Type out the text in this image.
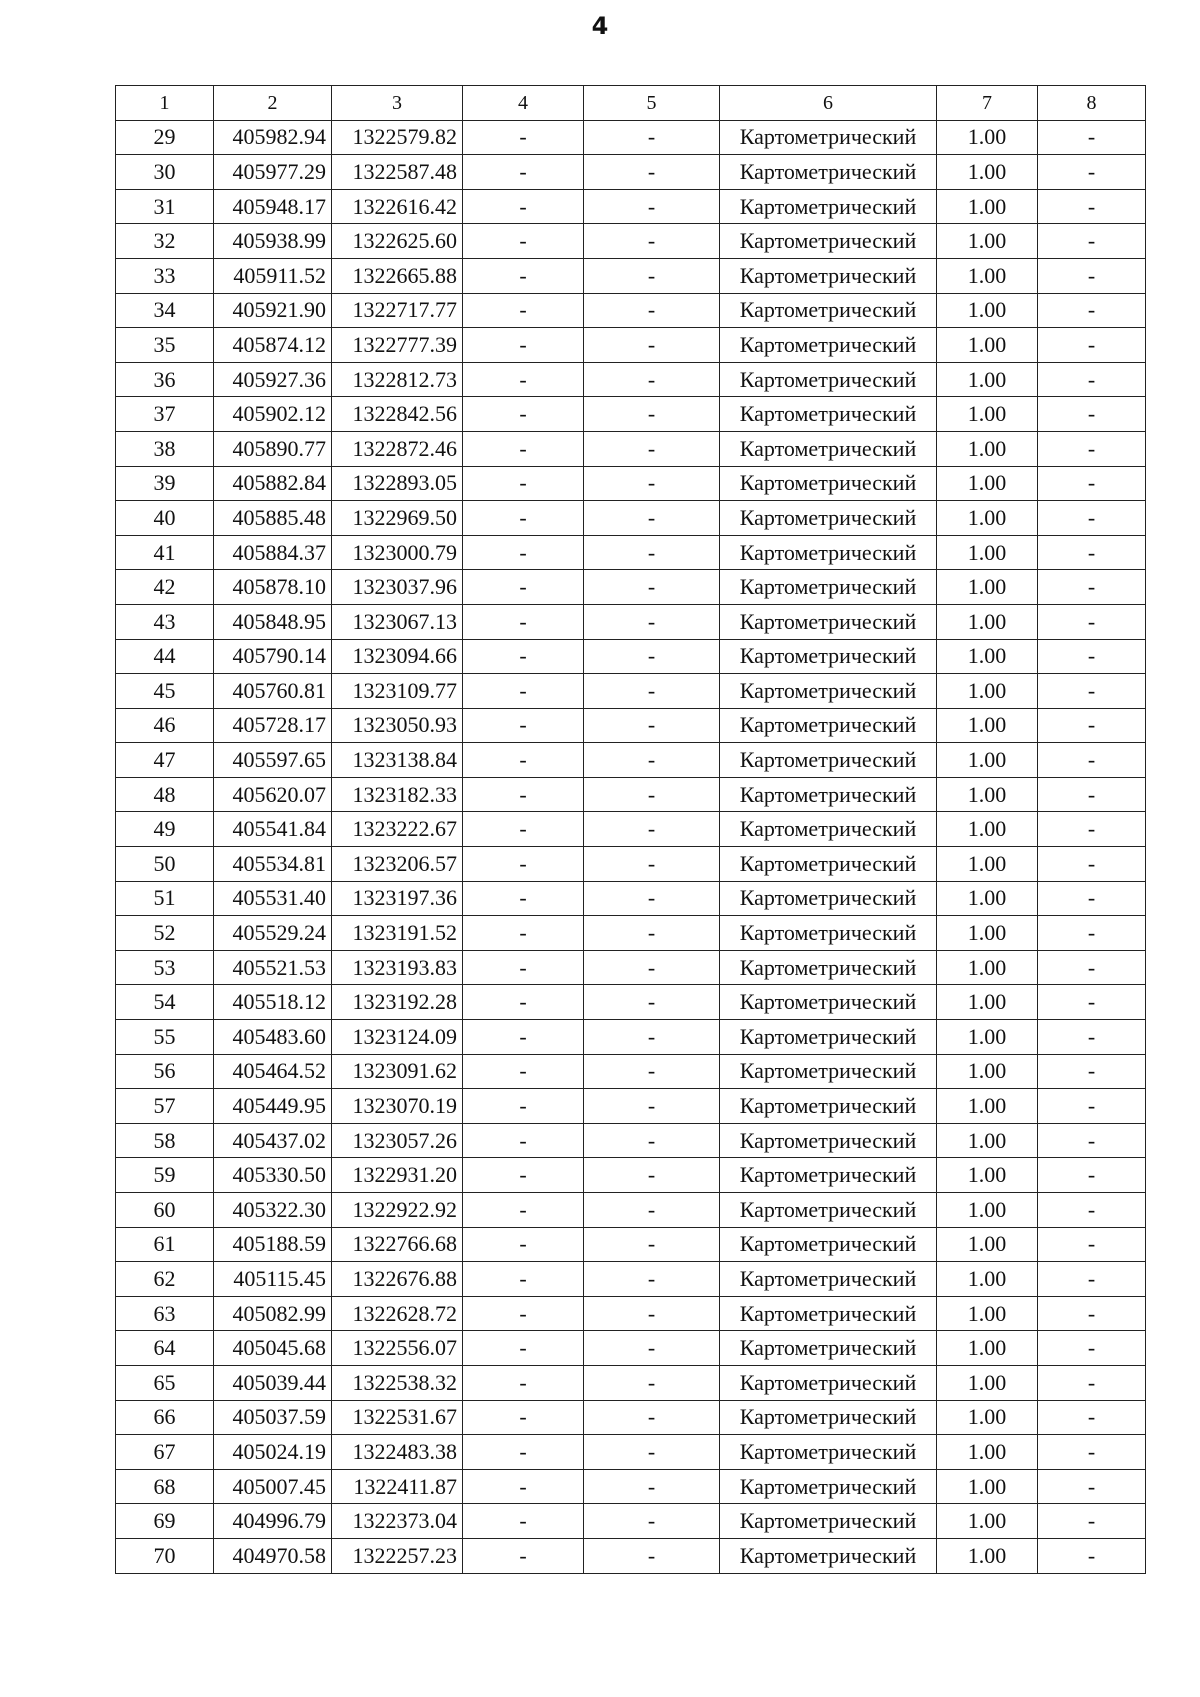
4
1	2	3	4	5	6	7	8
29	405982.94	1322579.82	-	-	Картометрический	1.00	-
30	405977.29	1322587.48	-	-	Картометрический	1.00	-
31	405948.17	1322616.42	-	-	Картометрический	1.00	-
32	405938.99	1322625.60	-	-	Картометрический	1.00	-
33	405911.52	1322665.88	-	-	Картометрический	1.00	-
34	405921.90	1322717.77	-	-	Картометрический	1.00	-
35	405874.12	1322777.39	-	-	Картометрический	1.00	-
36	405927.36	1322812.73	-	-	Картометрический	1.00	-
37	405902.12	1322842.56	-	-	Картометрический	1.00	-
38	405890.77	1322872.46	-	-	Картометрический	1.00	-
39	405882.84	1322893.05	-	-	Картометрический	1.00	-
40	405885.48	1322969.50	-	-	Картометрический	1.00	-
41	405884.37	1323000.79	-	-	Картометрический	1.00	-
42	405878.10	1323037.96	-	-	Картометрический	1.00	-
43	405848.95	1323067.13	-	-	Картометрический	1.00	-
44	405790.14	1323094.66	-	-	Картометрический	1.00	-
45	405760.81	1323109.77	-	-	Картометрический	1.00	-
46	405728.17	1323050.93	-	-	Картометрический	1.00	-
47	405597.65	1323138.84	-	-	Картометрический	1.00	-
48	405620.07	1323182.33	-	-	Картометрический	1.00	-
49	405541.84	1323222.67	-	-	Картометрический	1.00	-
50	405534.81	1323206.57	-	-	Картометрический	1.00	-
51	405531.40	1323197.36	-	-	Картометрический	1.00	-
52	405529.24	1323191.52	-	-	Картометрический	1.00	-
53	405521.53	1323193.83	-	-	Картометрический	1.00	-
54	405518.12	1323192.28	-	-	Картометрический	1.00	-
55	405483.60	1323124.09	-	-	Картометрический	1.00	-
56	405464.52	1323091.62	-	-	Картометрический	1.00	-
57	405449.95	1323070.19	-	-	Картометрический	1.00	-
58	405437.02	1323057.26	-	-	Картометрический	1.00	-
59	405330.50	1322931.20	-	-	Картометрический	1.00	-
60	405322.30	1322922.92	-	-	Картометрический	1.00	-
61	405188.59	1322766.68	-	-	Картометрический	1.00	-
62	405115.45	1322676.88	-	-	Картометрический	1.00	-
63	405082.99	1322628.72	-	-	Картометрический	1.00	-
64	405045.68	1322556.07	-	-	Картометрический	1.00	-
65	405039.44	1322538.32	-	-	Картометрический	1.00	-
66	405037.59	1322531.67	-	-	Картометрический	1.00	-
67	405024.19	1322483.38	-	-	Картометрический	1.00	-
68	405007.45	1322411.87	-	-	Картометрический	1.00	-
69	404996.79	1322373.04	-	-	Картометрический	1.00	-
70	404970.58	1322257.23	-	-	Картометрический	1.00	-
